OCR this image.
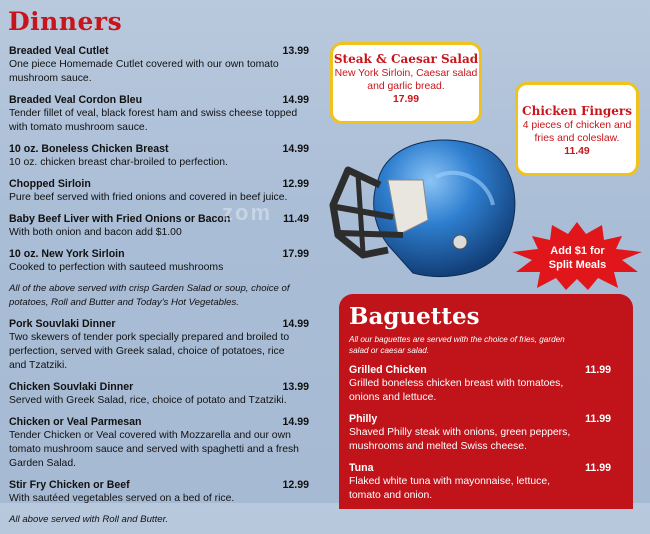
Dinners
Breaded Veal Cutlet	13.99
One piece Homemade Cutlet covered with our own tomato mushroom sauce.
Breaded Veal Cordon Bleu	14.99
Tender fillet of veal, black forest ham and swiss cheese topped with tomato mushroom sauce.
10 oz. Boneless Chicken Breast	14.99
10 oz. chicken breast char-broiled to perfection.
Chopped Sirloin	12.99
Pure beef served with fried onions and covered in beef juice.
Baby Beef Liver with Fried Onions or Bacon	11.49
With both onion and bacon add $1.00
10 oz. New York Sirloin	17.99
Cooked to perfection with sauteed mushrooms
All of the above served with crisp Garden Salad or soup, choice of potatoes, Roll and Butter and Today's Hot Vegetables.
Pork Souvlaki Dinner	14.99
Two skewers of tender pork specially prepared and broiled to perfection, served with Greek salad, choice of potatoes, rice and Tzatziki.
Chicken Souvlaki Dinner	13.99
Served with Greek Salad, rice, choice of potato and Tzatziki.
Chicken or Veal Parmesan	14.99
Tender Chicken or Veal covered with Mozzarella and our own tomato mushroom sauce and served with spaghetti and a fresh Garden Salad.
Stir Fry Chicken or Beef	12.99
With sautéed vegetables served on a bed of rice.
All above served with Roll and Butter.
zom
Steak & Caesar Salad
New York Sirloin, Caesar salad and garlic bread.
17.99
Chicken Fingers
4 pieces of chicken and fries and coleslaw.
11.49
Add $1 for
Split Meals
Baguettes
All our baguettes are served with the choice of fries, garden salad or caesar salad.
Grilled Chicken	11.99
Grilled boneless chicken breast with tomatoes, onions and lettuce.
Philly	11.99
Shaved Philly steak with onions, green peppers, mushrooms and melted Swiss cheese.
Tuna	11.99
Flaked white tuna with mayonnaise, lettuce, tomato and onion.
